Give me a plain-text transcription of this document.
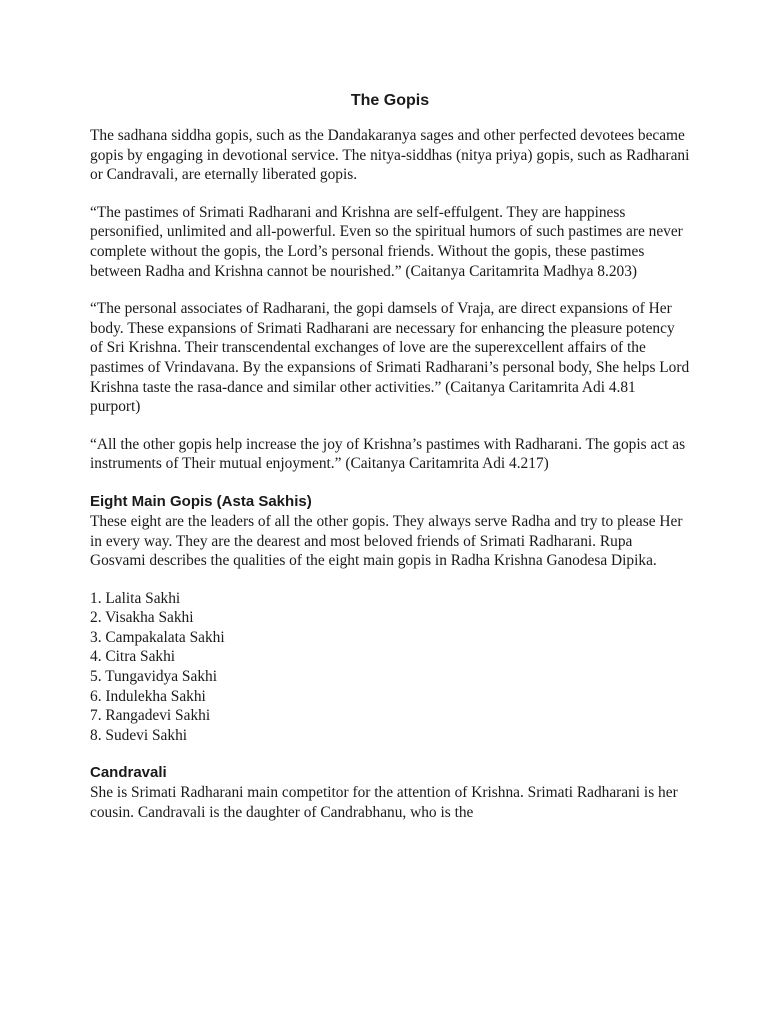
The Gopis

The sadhana siddha gopis, such as the Dandakaranya sages and other perfected devotees became gopis by engaging in devotional service. The nitya-siddhas (nitya priya) gopis, such as Radharani or Candravali, are eternally liberated gopis.

“The pastimes of Srimati Radharani and Krishna are self-effulgent. They are happiness personified, unlimited and all-powerful. Even so the spiritual humors of such pastimes are never complete without the gopis, the Lord’s personal friends. Without the gopis, these pastimes between Radha and Krishna cannot be nourished.” (Caitanya Caritamrita Madhya 8.203)

“The personal associates of Radharani, the gopi damsels of Vraja, are direct expansions of Her body. These expansions of Srimati Radharani are necessary for enhancing the pleasure potency of Sri Krishna. Their transcendental exchanges of love are the superexcellent affairs of the pastimes of Vrindavana. By the expansions of Srimati Radharani’s personal body, She helps Lord Krishna taste the rasa-dance and similar other activities.” (Caitanya Caritamrita Adi 4.81 purport)

“All the other gopis help increase the joy of Krishna’s pastimes with Radharani. The gopis act as instruments of Their mutual enjoyment.” (Caitanya Caritamrita Adi 4.217)

Eight Main Gopis (Asta Sakhis)

These eight are the leaders of all the other gopis. They always serve Radha and try to please Her in every way. They are the dearest and most beloved friends of Srimati Radharani. Rupa Gosvami describes the qualities of the eight main gopis in Radha Krishna Ganodesa Dipika.

1. Lalita Sakhi
2. Visakha Sakhi
3. Campakalata Sakhi
4. Citra Sakhi
5. Tungavidya Sakhi
6. Indulekha Sakhi
7. Rangadevi Sakhi
8. Sudevi Sakhi
Candravali

She is Srimati Radharani main competitor for the attention of Krishna. Srimati Radharani is her cousin. Candravali is the daughter of Candrabhanu, who is the
